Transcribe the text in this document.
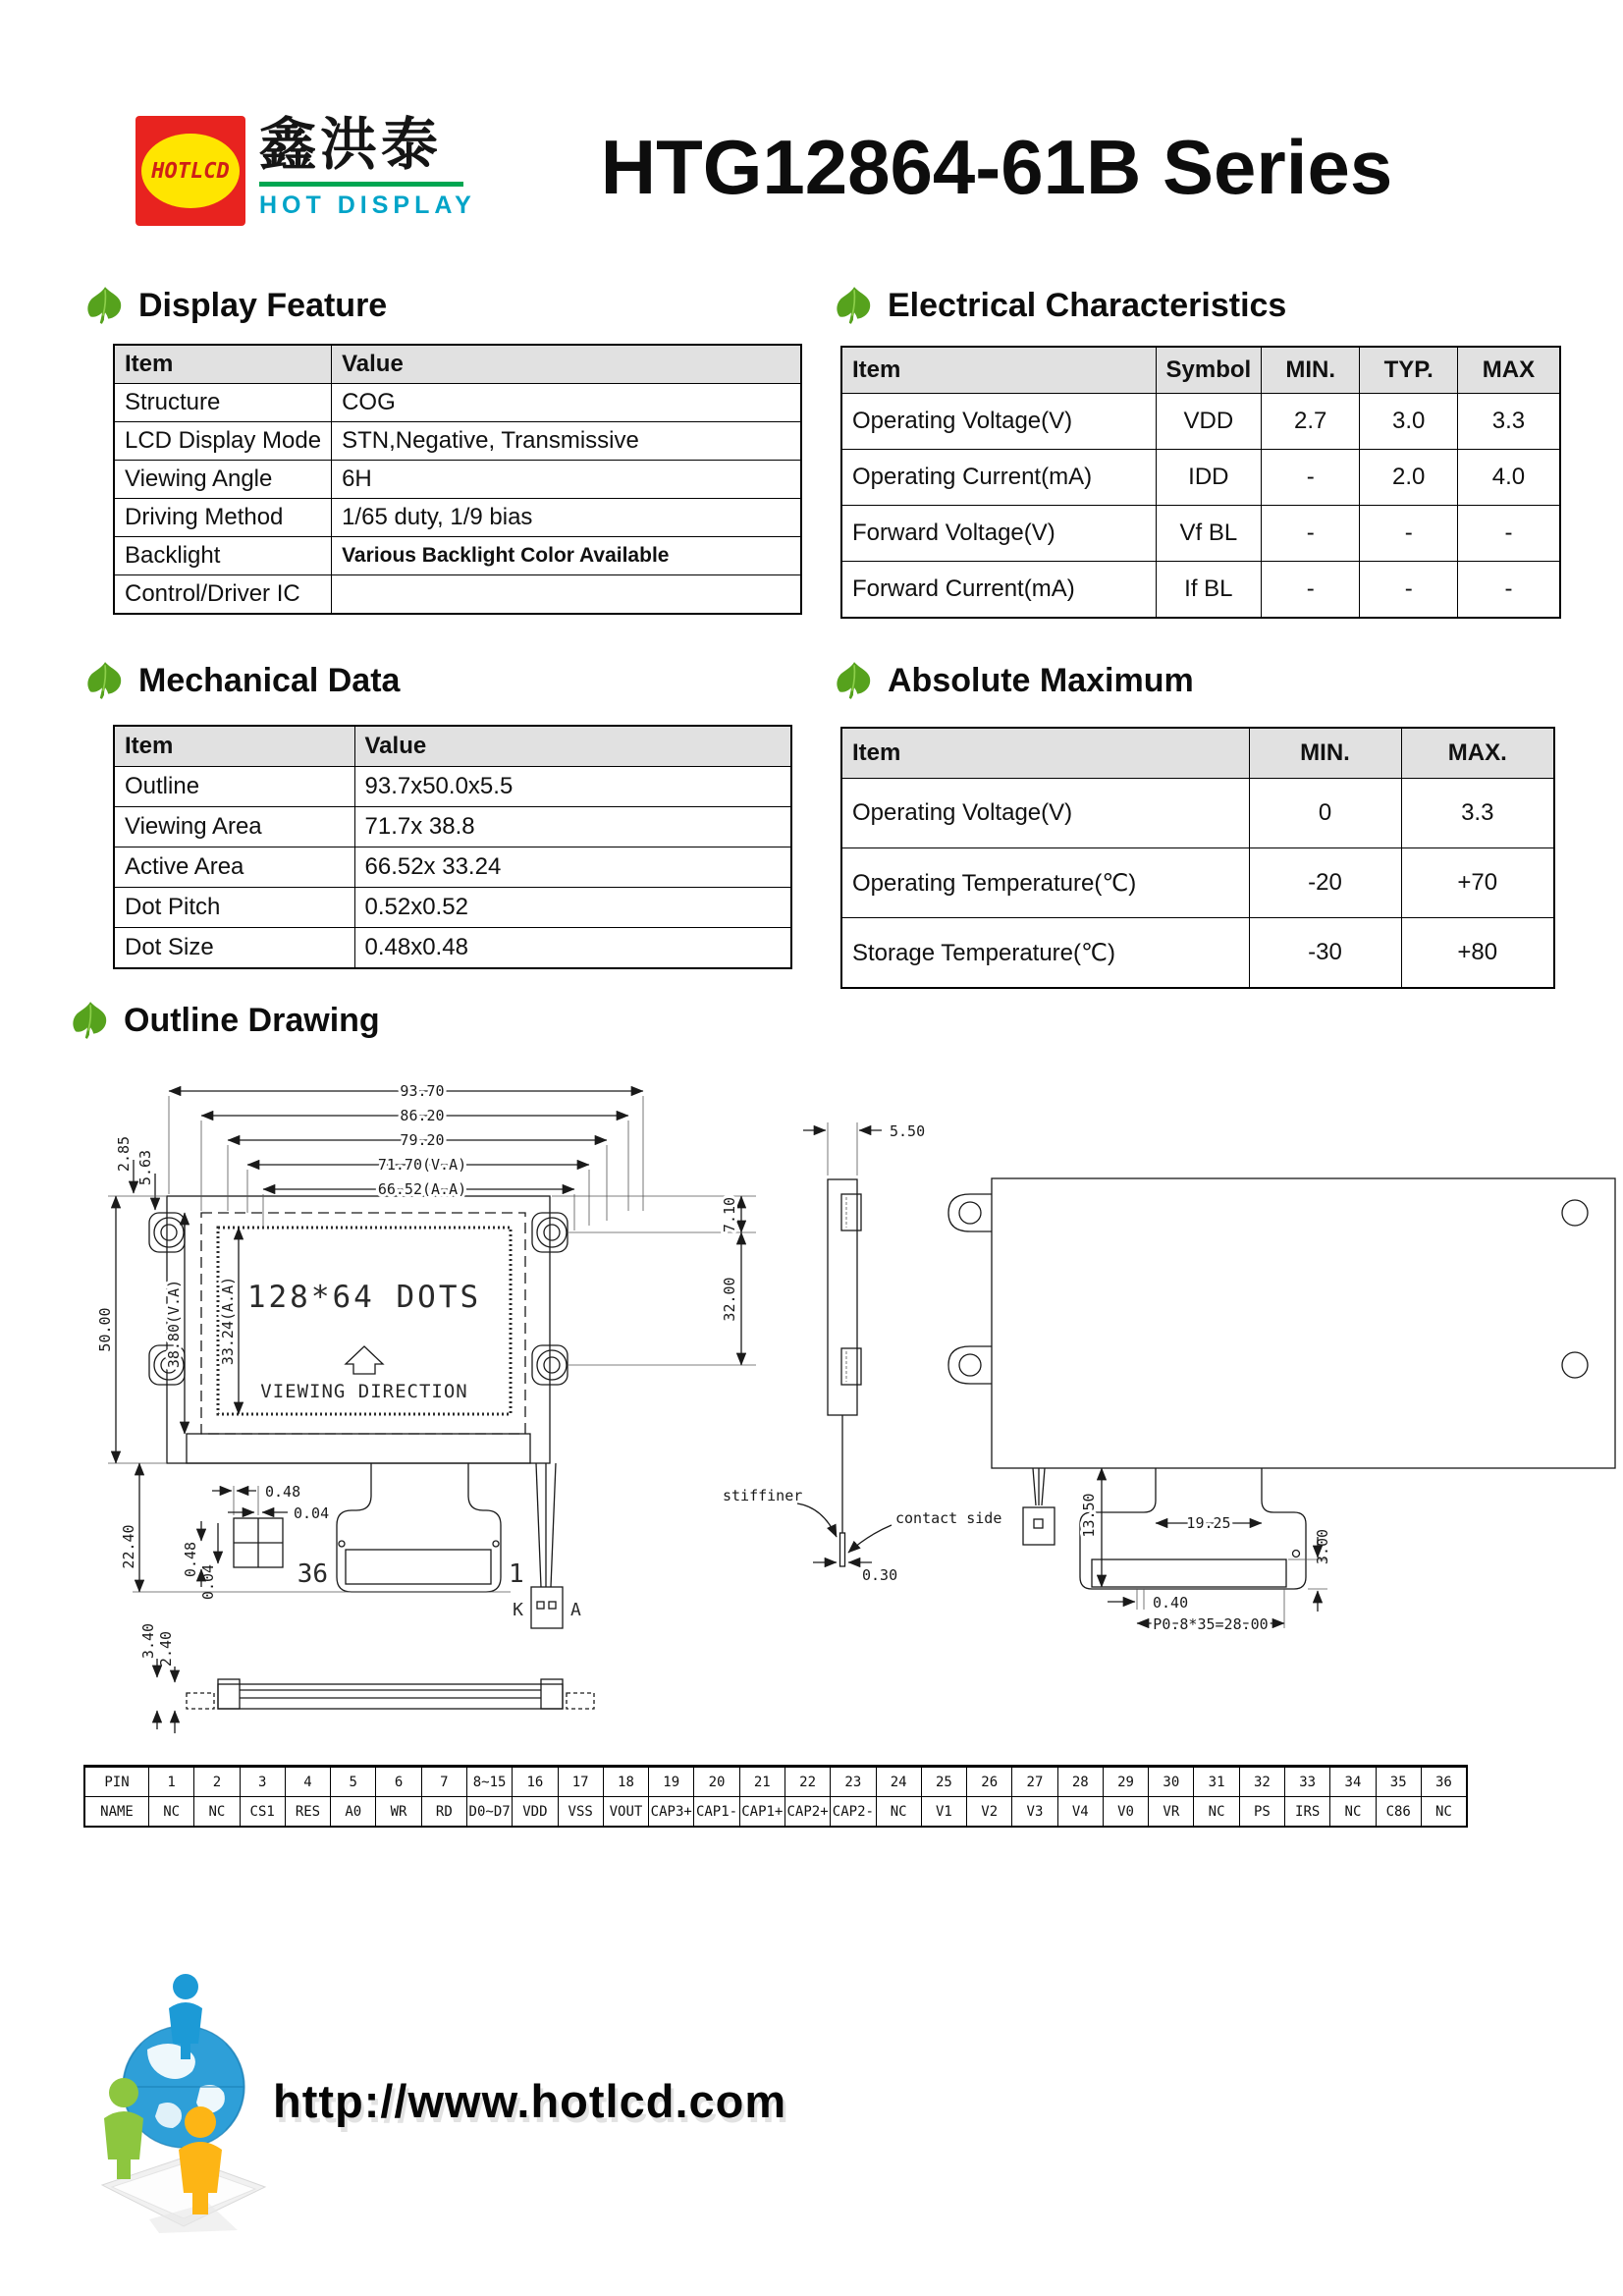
HOTLCD 鑫洪泰
HOT DISPLAY	HTG12864-61B Series
Display Feature
Item	Value
Structure	COG
LCD Display Mode	STN,Negative, Transmissive
Viewing Angle	6H
Driving Method	1/65 duty, 1/9 bias
Backlight	Various Backlight Color Available
Control/Driver IC	
Electrical Characteristics
Item	Symbol	MIN.	TYP.	MAX
Operating Voltage(V)	VDD	2.7	3.0	3.3
Operating Current(mA)	IDD	-	2.0	4.0
Forward Voltage(V)	Vf BL	-	-	-
Forward Current(mA)	If BL	-	-	-
Mechanical Data
Item	Value
Outline	93.7x50.0x5.5
Viewing Area	71.7x 38.8
Active Area	66.52x 33.24
Dot Pitch	0.52x0.52
Dot Size	0.48x0.48
Absolute Maximum
Item	MIN.	MAX.
Operating Voltage(V)	0	3.3
Operating Temperature(℃)	-20	+70
Storage Temperature(℃)	-30	+80
Outline Drawing
128*64 DOTS
VIEWING DIRECTION
36	1
K	A
93.70
86.20
79.20
71.70(V.A)
66.52(A.A)
2.85 5.63
50.00	38.80(V.A) 33.24(A.A)
7.10
32.00
22.40
0.48
0.04
0.48
0.04
3.40 2.40
5.50
stiffiner
contact side
0.30
19.25
3.00
13.50
0.40
P0.8*35=28.00
PIN	1	2	3	4	5	6	7	8~15	16	17	18	19	20	21	22	23	24	25	26	27	28	29	30	31	32	33	34	35	36
NAME	NC	NC	CS1	RES	A0	WR	RD	D0~D7	VDD	VSS	VOUT	CAP3+	CAP1-	CAP1+	CAP2+	CAP2-	NC	V1	V2	V3	V4	V0	VR	NC	PS	IRS	NC	C86	NC
http://www.hotlcd.com
